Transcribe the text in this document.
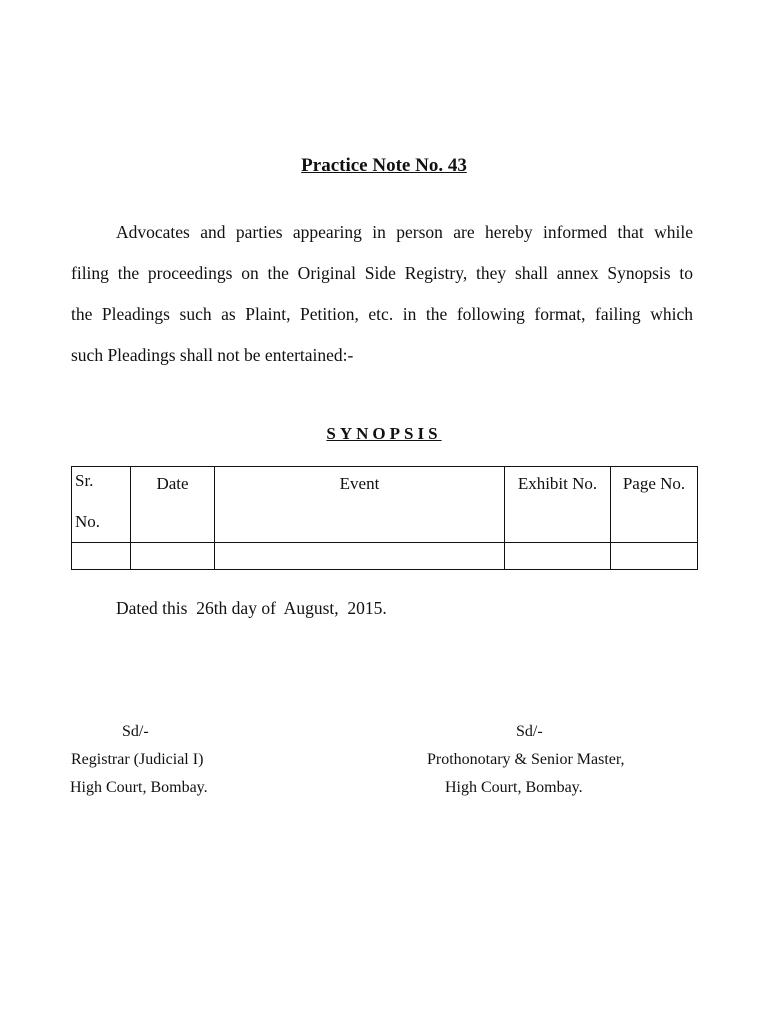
Practice Note No. 43
Advocates and parties appearing in person are hereby informed that while
filing the proceedings on the Original Side Registry, they shall annex Synopsis to
the Pleadings such as Plaint, Petition, etc. in the following format, failing which
such Pleadings shall not be entertained:-
SYNOPSIS
Sr.
No.	Date	Event	Exhibit No.	Page No.

Dated this  26th day of  August,  2015.
Sd/-
Registrar (Judicial I)
High Court, Bombay.
Sd/-
Prothonotary & Senior Master,
High Court, Bombay.
